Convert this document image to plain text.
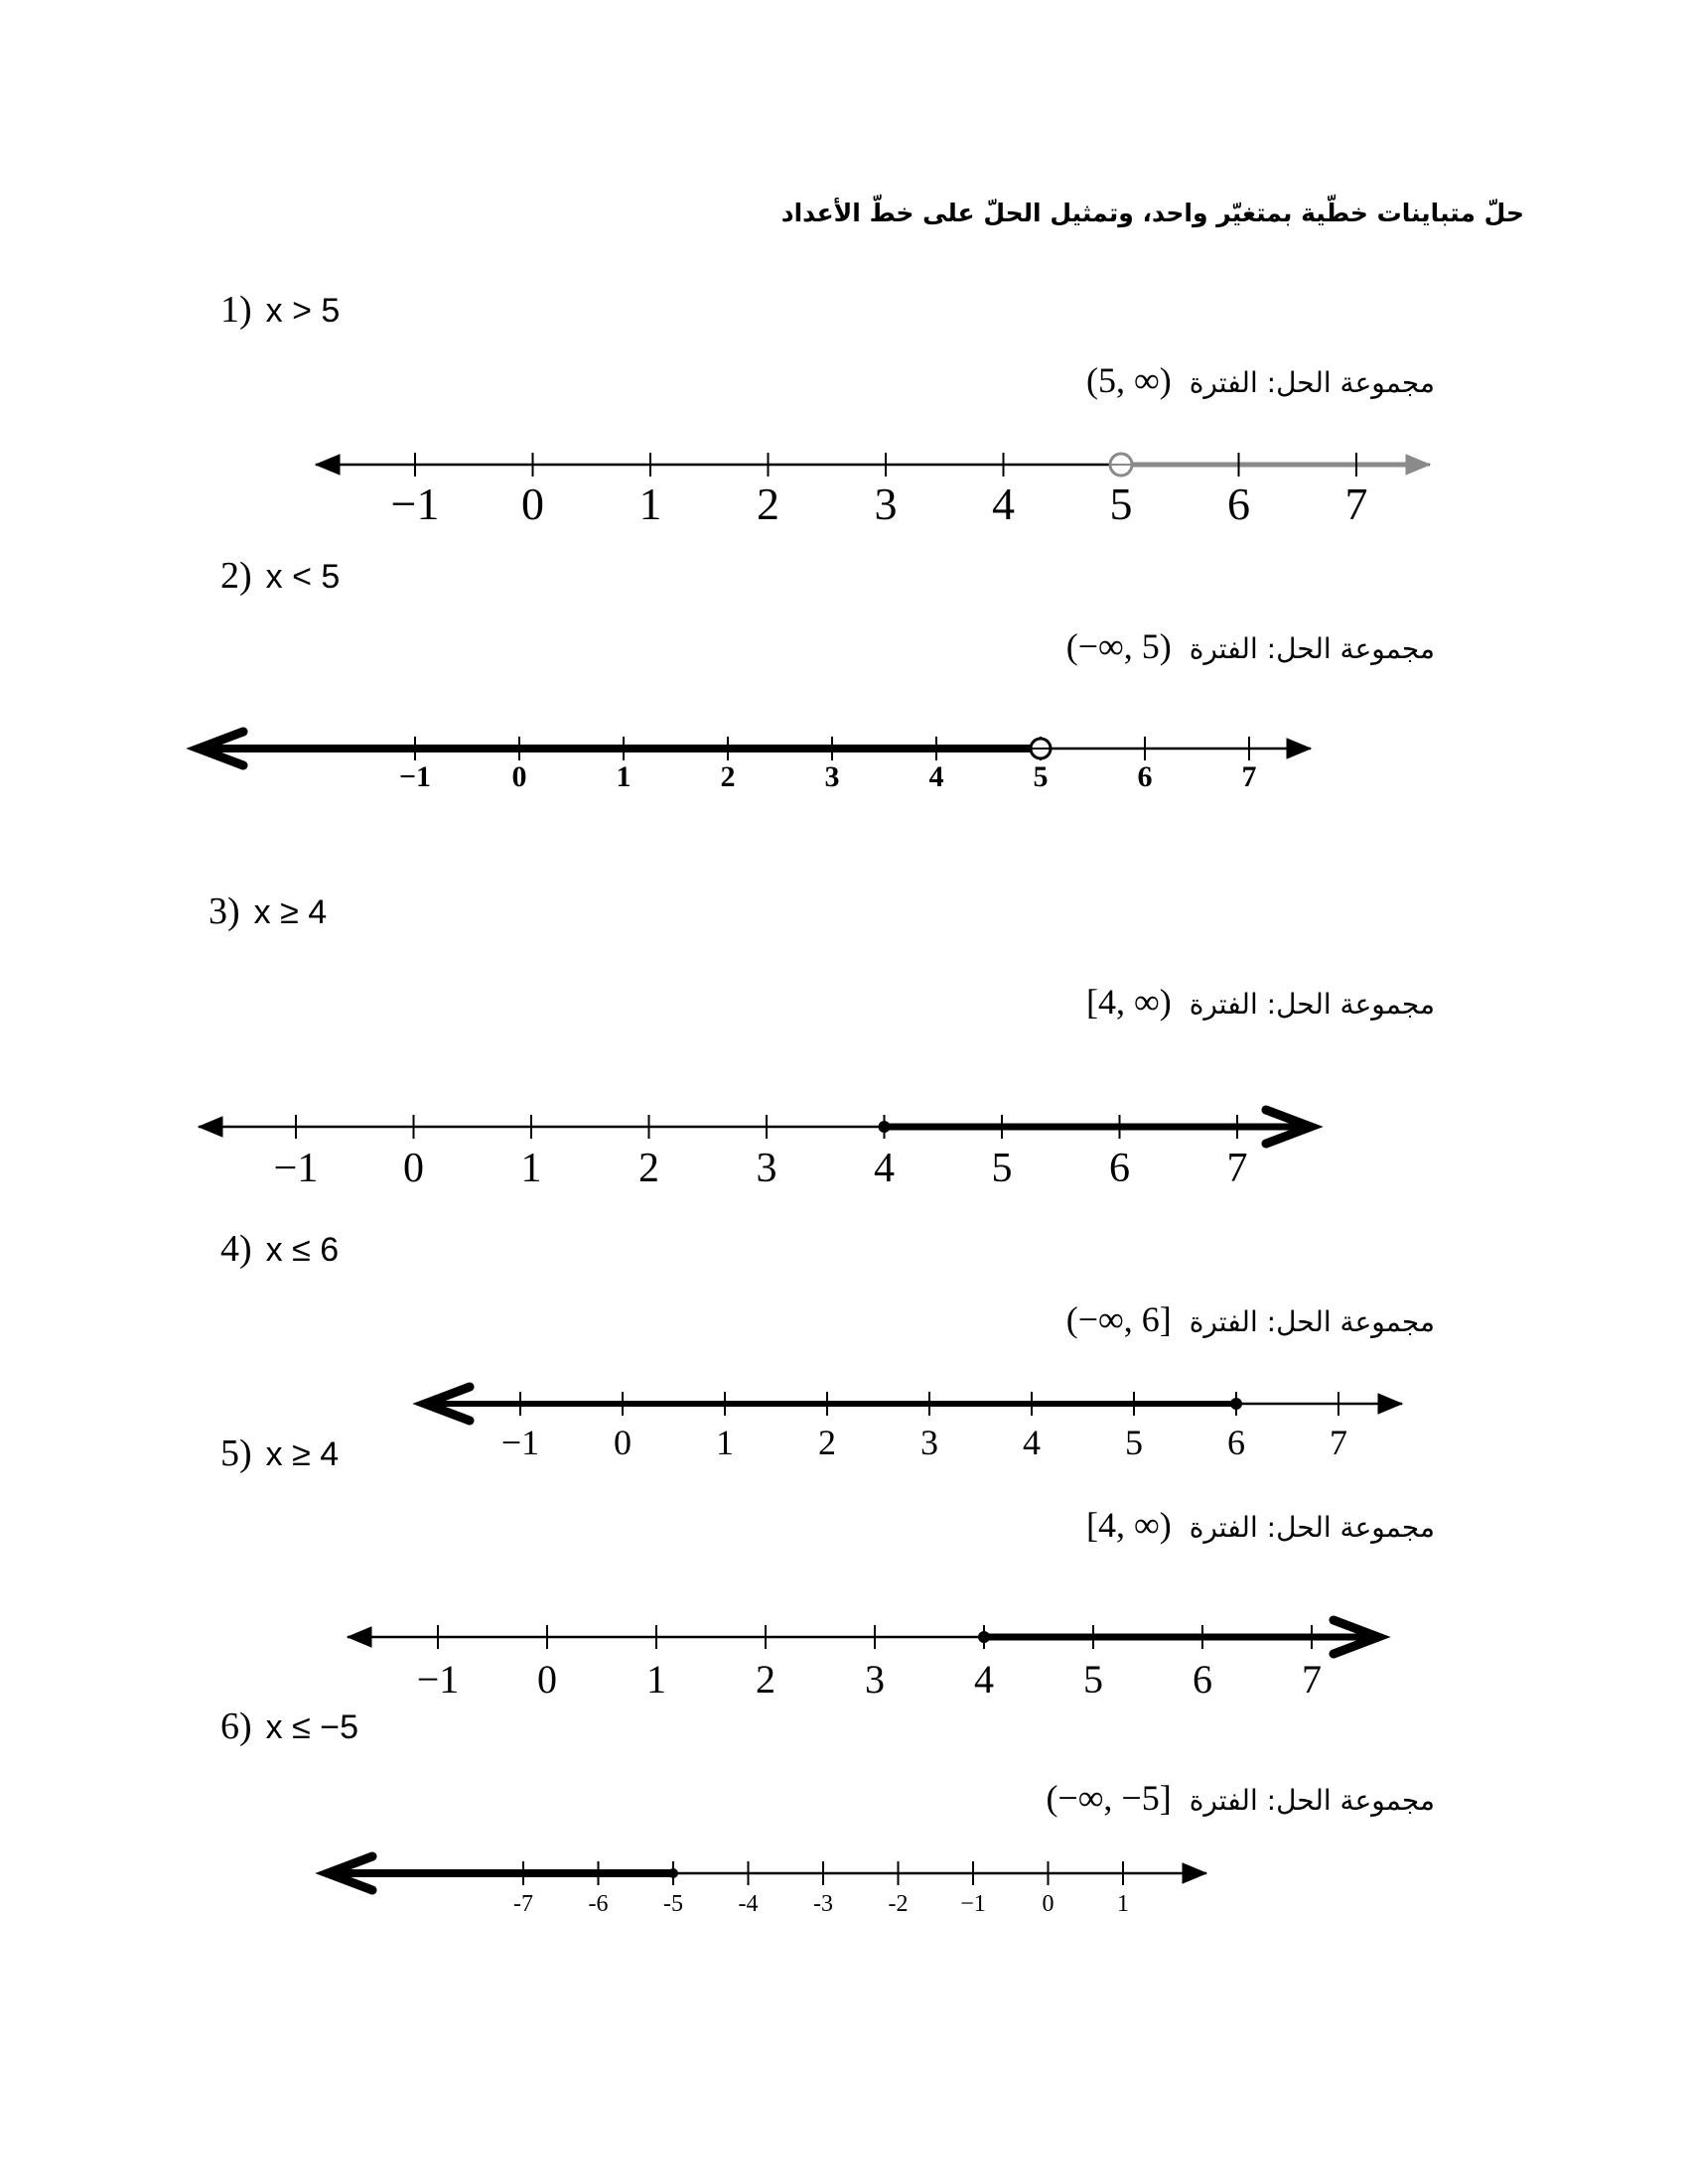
حلّ متباينات خطّية بمتغيّر واحد، وتمثيل الحلّ على خطّ الأعداد
1) x > 5
(5, ∞) مجموعة الحل: الفترة
−1 0 1 2 3 4 5 6 7
2) x < 5
(−∞, 5) مجموعة الحل: الفترة
−1	0	1	2	3	4	5	6	7
3) x ≥ 4
[4, ∞) مجموعة الحل: الفترة
−1 0 1 2 3 4 5 6 7
4) x ≤ 6
(−∞, 6] مجموعة الحل: الفترة
−1 0 1 2 3 4 5 6 7
5) x ≥ 4
[4, ∞) مجموعة الحل: الفترة
−1 0 1 2 3 4 5 6 7
6) x ≤ −5
(−∞, −5] مجموعة الحل: الفترة
-7 -6 -5 -4 -3 -2 −1 0	1
